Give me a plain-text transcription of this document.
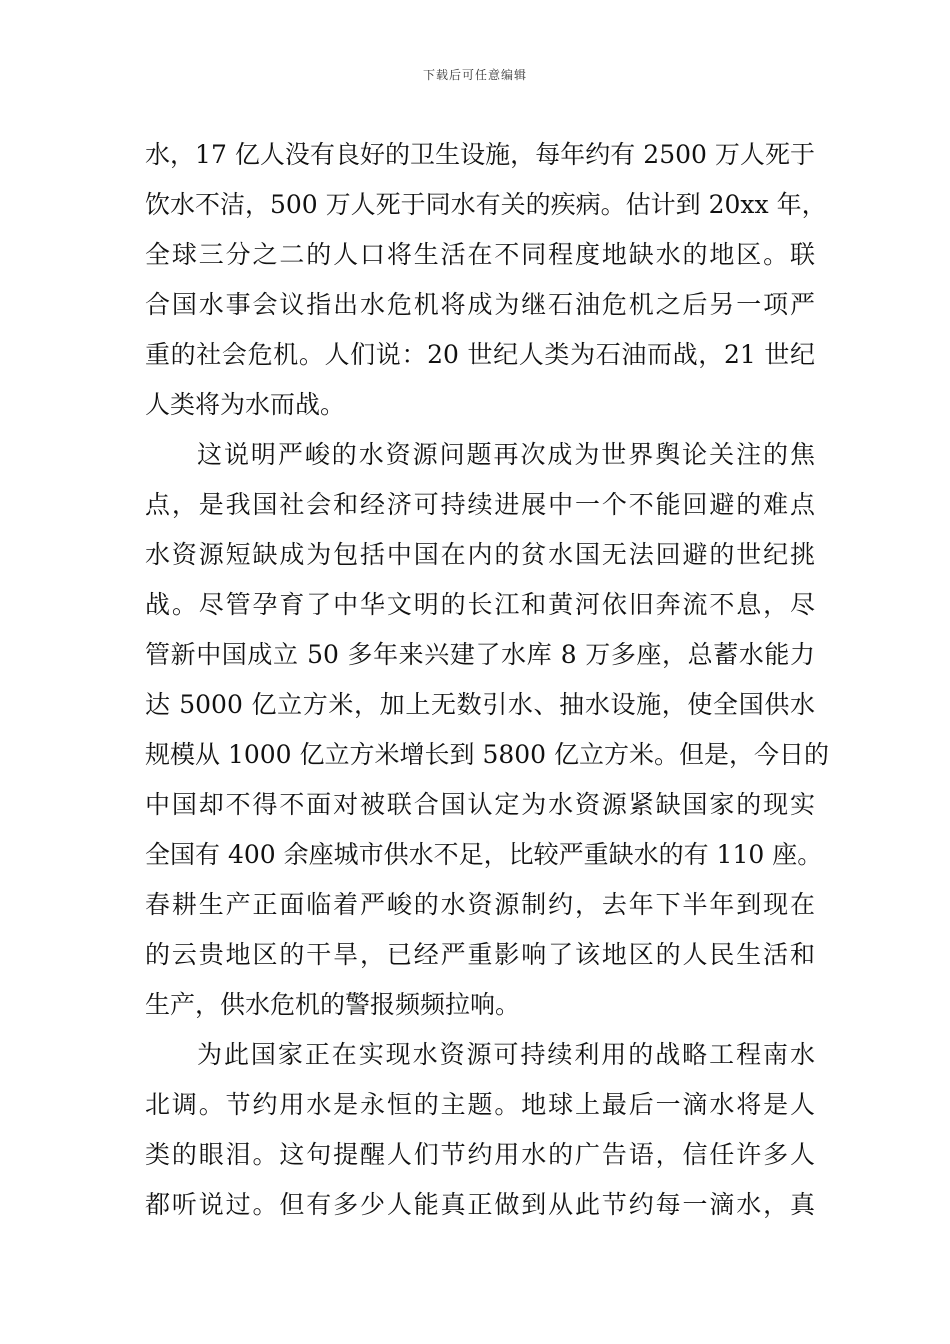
下载后可任意编辑
水，17 亿人没有良好的卫生设施，每年约有 2500 万人死于
饮水不洁，500 万人死于同水有关的疾病。估计到 20xx 年，
全球三分之二的人口将生活在不同程度地缺水的地区。联
合国水事会议指出水危机将成为继石油危机之后另一项严
重的社会危机。人们说：20 世纪人类为石油而战，21 世纪
人类将为水而战。
这说明严峻的水资源问题再次成为世界舆论关注的焦
点，是我国社会和经济可持续进展中一个不能回避的难点
水资源短缺成为包括中国在内的贫水国无法回避的世纪挑
战。尽管孕育了中华文明的长江和黄河依旧奔流不息，尽
管新中国成立 50 多年来兴建了水库 8 万多座，总蓄水能力
达 5000 亿立方米，加上无数引水、抽水设施，使全国供水
规模从 1000 亿立方米增长到 5800 亿立方米。但是，今日的
中国却不得不面对被联合国认定为水资源紧缺国家的现实
全国有 400 余座城市供水不足，比较严重缺水的有 110 座。
春耕生产正面临着严峻的水资源制约，去年下半年到现在
的云贵地区的干旱，已经严重影响了该地区的人民生活和
生产，供水危机的警报频频拉响。
为此国家正在实现水资源可持续利用的战略工程南水
北调。节约用水是永恒的主题。地球上最后一滴水将是人
类的眼泪。这句提醒人们节约用水的广告语，信任许多人
都听说过。但有多少人能真正做到从此节约每一滴水，真
